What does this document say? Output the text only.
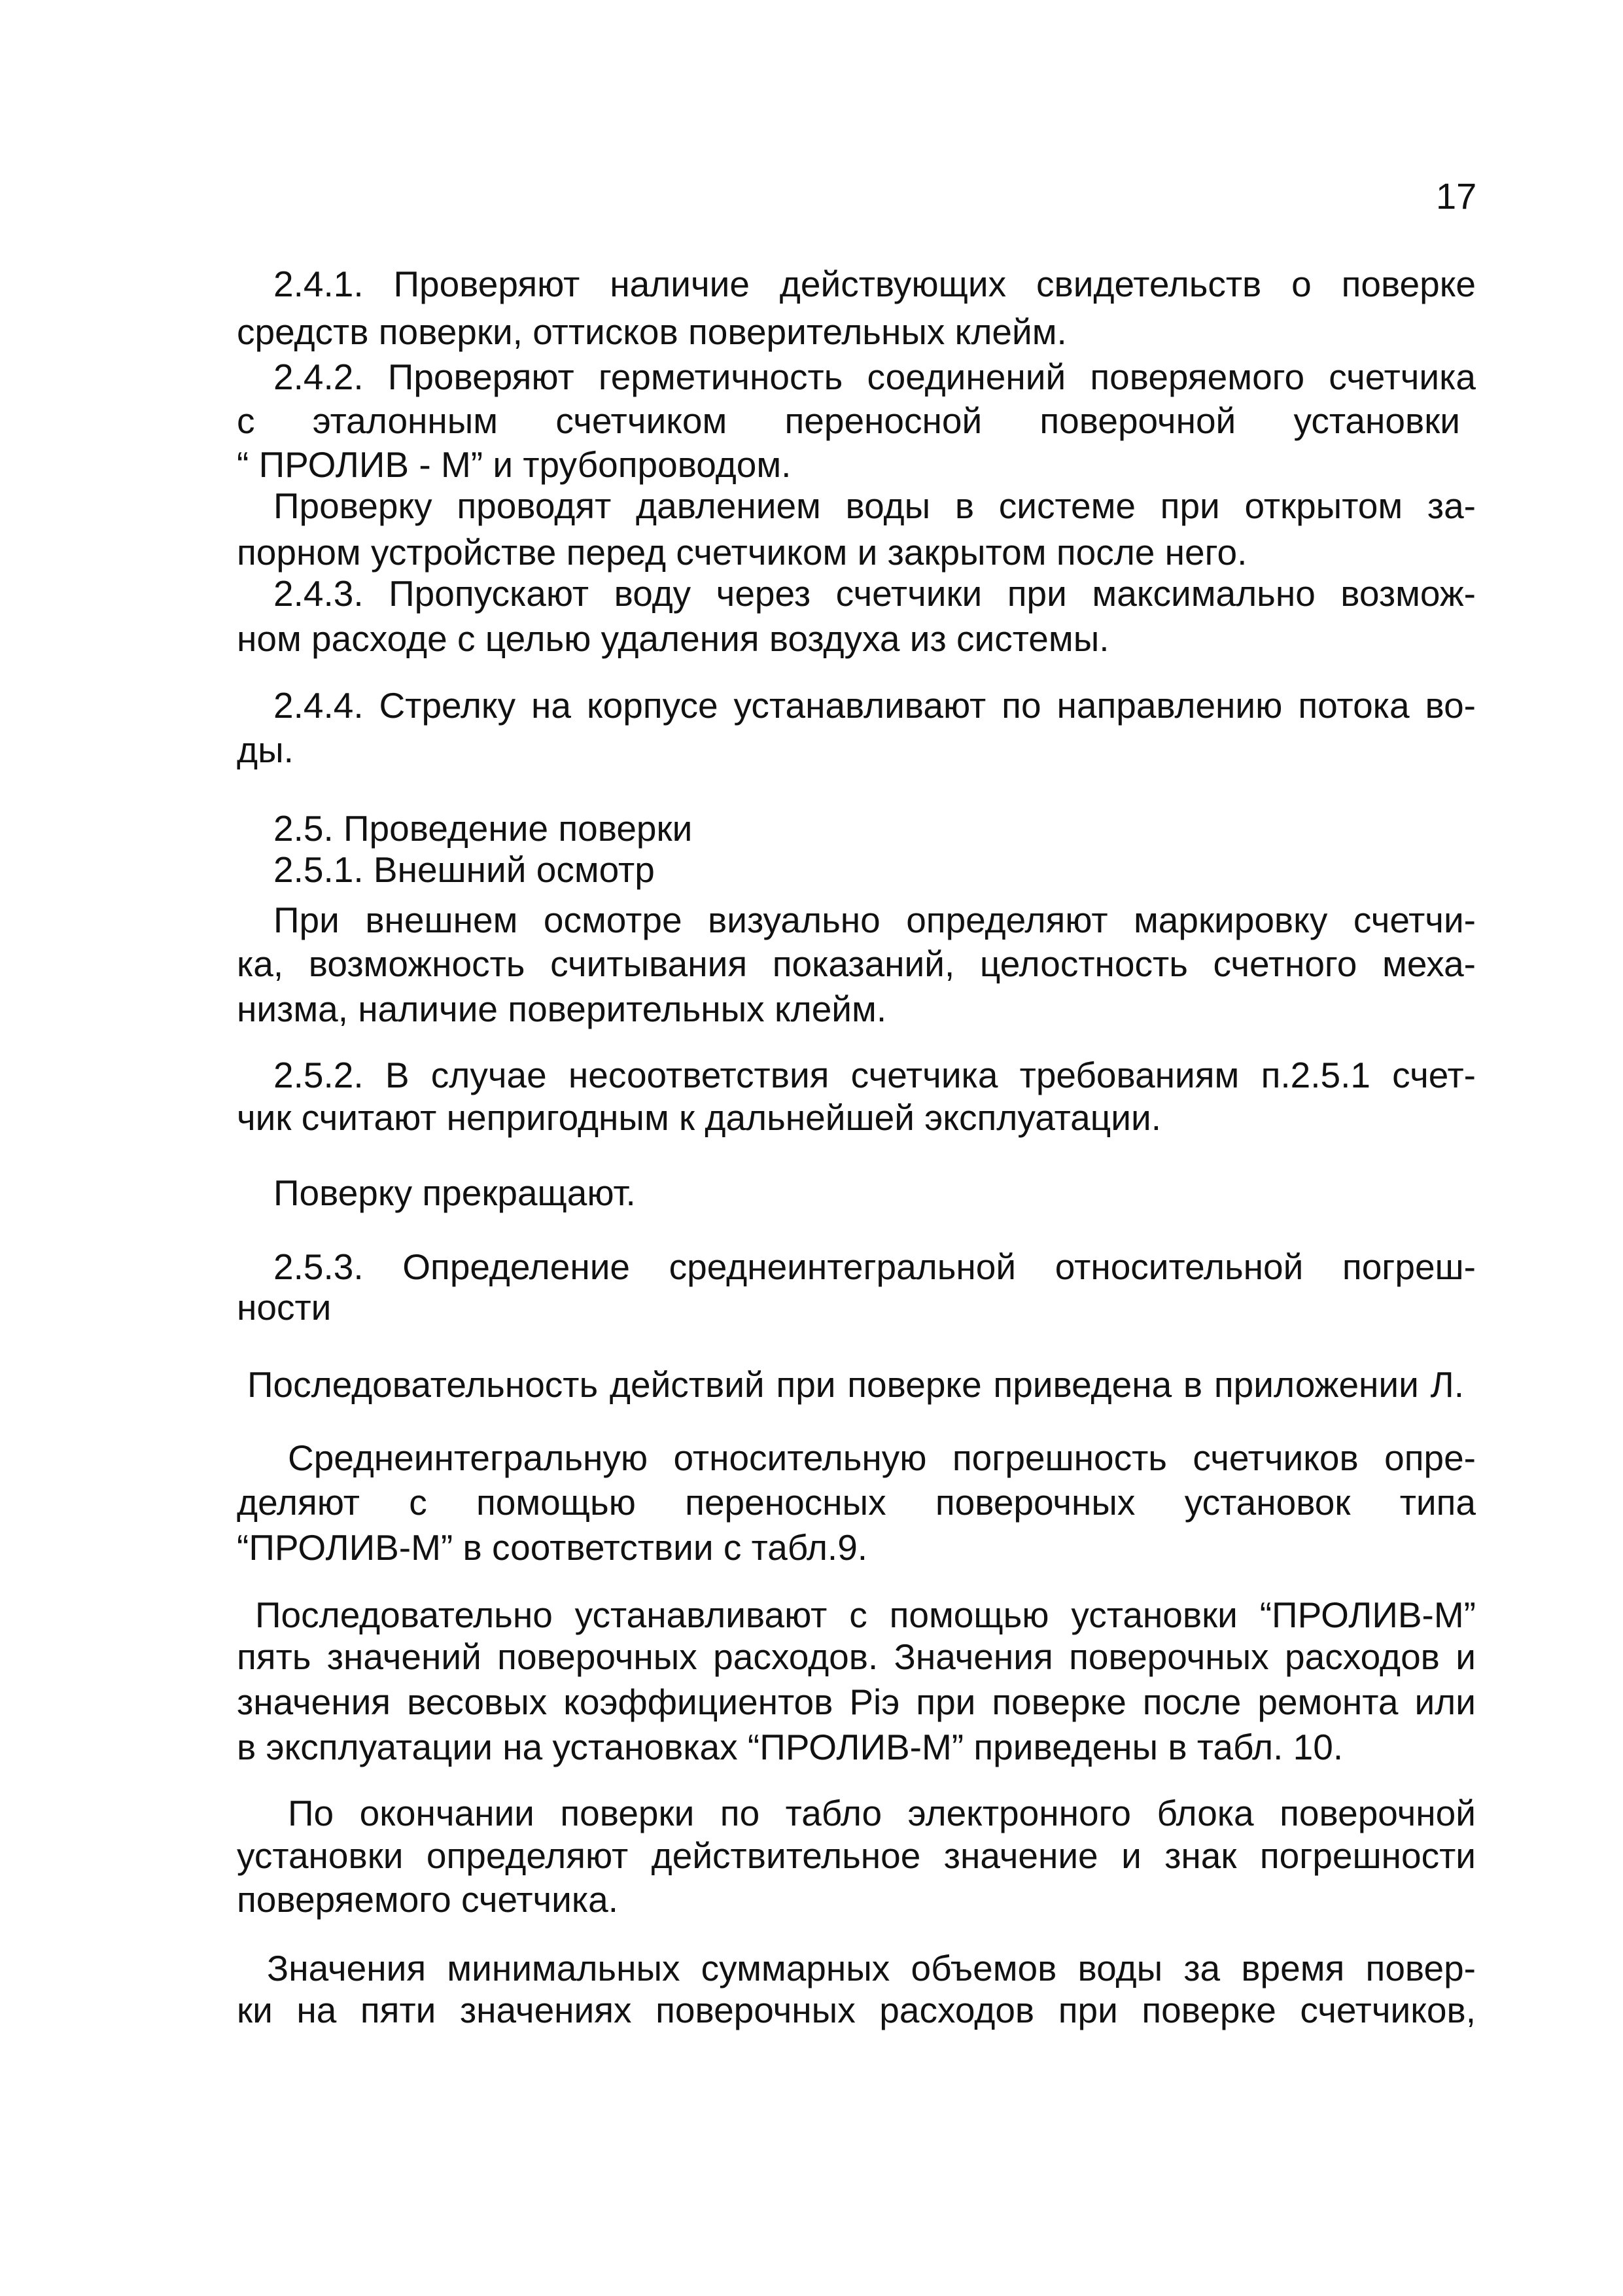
17
2.4.1. Проверяют наличие действующих свидетельств о поверке
средств поверки, оттисков поверительных клейм.
2.4.2. Проверяют герметичность соединений поверяемого счетчика
с эталонным счетчиком переносной поверочной установки
“ ПРОЛИВ - М” и трубопроводом.
Проверку проводят давлением воды в системе при открытом за-
порном устройстве перед счетчиком и закрытом после него.
2.4.3. Пропускают воду через счетчики при максимально возмож-
ном расходе с целью удаления воздуха из системы.
2.4.4. Стрелку на корпусе устанавливают по направлению потока во-
ды.
2.5. Проведение поверки
2.5.1. Внешний осмотр
При внешнем осмотре визуально определяют маркировку счетчи-
ка, возможность считывания показаний, целостность счетного меха-
низма, наличие поверительных клейм.
2.5.2. В случае несоответствия счетчика требованиям п.2.5.1 счет-
чик считают непригодным к дальнейшей эксплуатации.
Поверку прекращают.
2.5.3. Определение среднеинтегральной относительной погреш-
ности
Последовательность действий при поверке приведена в приложении Л.
Среднеинтегральную относительную погрешность счетчиков опре-
деляют с помощью переносных поверочных установок типа
“ПРОЛИВ-М” в соответствии с табл.9.
Последовательно устанавливают с помощью установки “ПРОЛИВ-М”
пять значений поверочных расходов. Значения поверочных расходов и
значения весовых коэффициентов Ріэ при поверке после ремонта или
в эксплуатации на установках “ПРОЛИВ-М” приведены в табл. 10.
По окончании поверки по табло электронного блока поверочной
установки определяют действительное значение и знак погрешности
поверяемого счетчика.
Значения минимальных суммарных объемов воды за время повер-
ки на пяти значениях поверочных расходов при поверке счетчиков,
